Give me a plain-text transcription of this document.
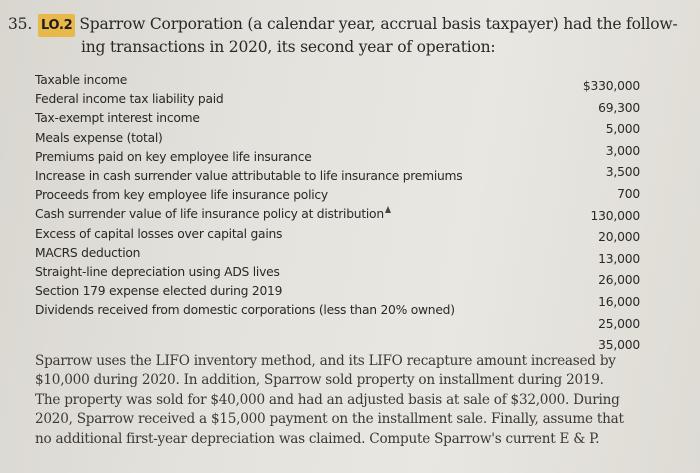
35. LO.2 Sparrow Corporation (a calendar year, accrual basis taxpayer) had the follow-
ing transactions in 2020, its second year of operation:
Taxable income
Federal income tax liability paid
Tax-exempt interest income
Meals expense (total)
Premiums paid on key employee life insurance
Increase in cash surrender value attributable to life insurance premiums
Proceeds from key employee life insurance policy
Cash surrender value of life insurance policy at distribution
Excess of capital losses over capital gains
MACRS deduction
Straight-line depreciation using ADS lives
Section 179 expense elected during 2019
Dividends received from domestic corporations (less than 20% owned)
$330,000
69,300
5,000
3,000
3,500
700
130,000
20,000
13,000
26,000
16,000
25,000
35,000
Sparrow uses the LIFO inventory method, and its LIFO recapture amount increased by
$10,000 during 2020. In addition, Sparrow sold property on installment during 2019.
The property was sold for $40,000 and had an adjusted basis at sale of $32,000. During
2020, Sparrow received a $15,000 payment on the installment sale. Finally, assume that
no additional first-year depreciation was claimed. Compute Sparrow's current E & P.
